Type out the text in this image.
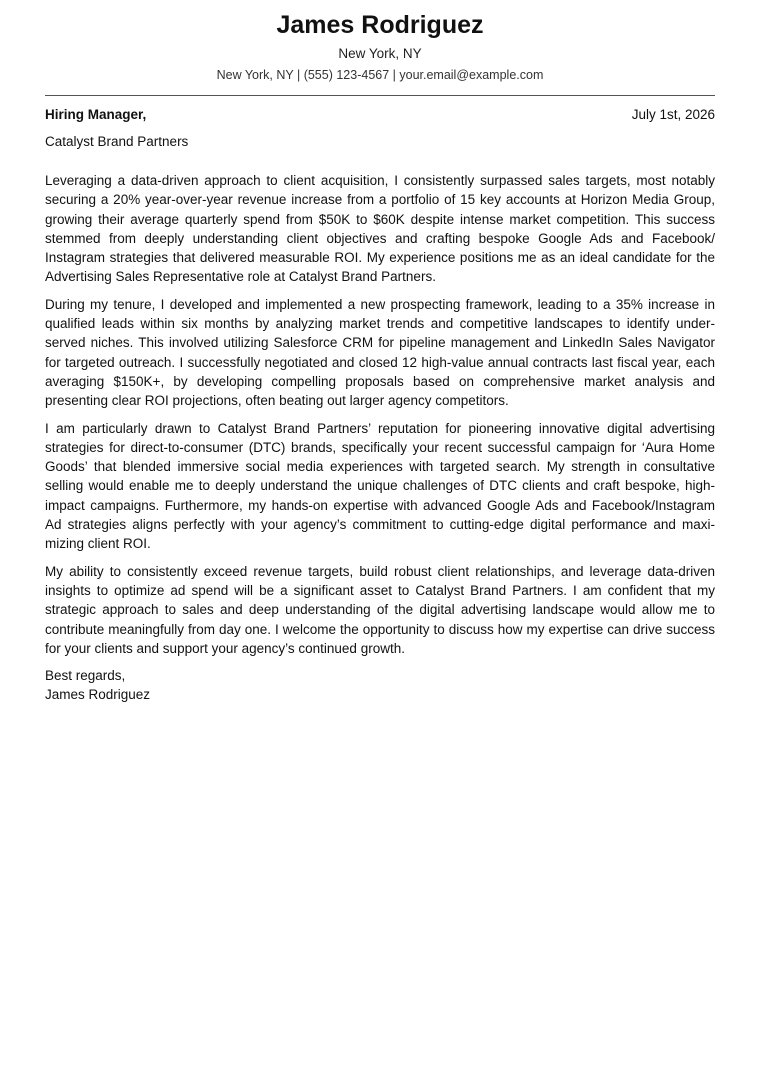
James Rodriguez
New York, NY
New York, NY | (555) 123-4567 | your.email@example.com
Hiring Manager,	July 1st, 2026
Catalyst Brand Partners

Leveraging a data-driven approach to client acquisition, I consistently surpassed sales targets, most notably securing a 20% year-over-year revenue increase from a portfolio of 15 key accounts at Horizon Media Group, growing their average quarterly spend from $50K to $60K despite intense market competition. This success stemmed from deeply understanding client objectives and crafting bespoke Google Ads and Facebook/ Instagram strategies that delivered measurable ROI. My experience positions me as an ideal candidate for the Advertising Sales Representative role at Catalyst Brand Partners.

During my tenure, I developed and implemented a new prospecting framework, leading to a 35% increase in qualified leads within six months by analyzing market trends and competitive landscapes to identify under-served niches. This involved utilizing Salesforce CRM for pipeline management and LinkedIn Sales Navigator for targeted outreach. I successfully negotiated and closed 12 high-value annual contracts last fiscal year, each averaging $150K+, by developing compelling proposals based on comprehensive market analysis and presenting clear ROI projections, often beating out larger agency competitors.

I am particularly drawn to Catalyst Brand Partners’ reputation for pioneering innovative digital advertising strategies for direct-to-consumer (DTC) brands, specifically your recent successful campaign for ‘Aura Home Goods’ that blended immersive social media experiences with targeted search. My strength in consultative selling would enable me to deeply understand the unique challenges of DTC clients and craft bespoke, high-impact campaigns. Furthermore, my hands-on expertise with advanced Google Ads and Facebook/Instagram Ad strategies aligns perfectly with your agency’s commitment to cutting-edge digital performance and maxi-mizing client ROI.

My ability to consistently exceed revenue targets, build robust client relationships, and leverage data-driven insights to optimize ad spend will be a significant asset to Catalyst Brand Partners. I am confident that my strategic approach to sales and deep understanding of the digital advertising landscape would allow me to contribute meaningfully from day one. I welcome the opportunity to discuss how my expertise can drive success for your clients and support your agency’s continued growth.

Best regards,
James Rodriguez
